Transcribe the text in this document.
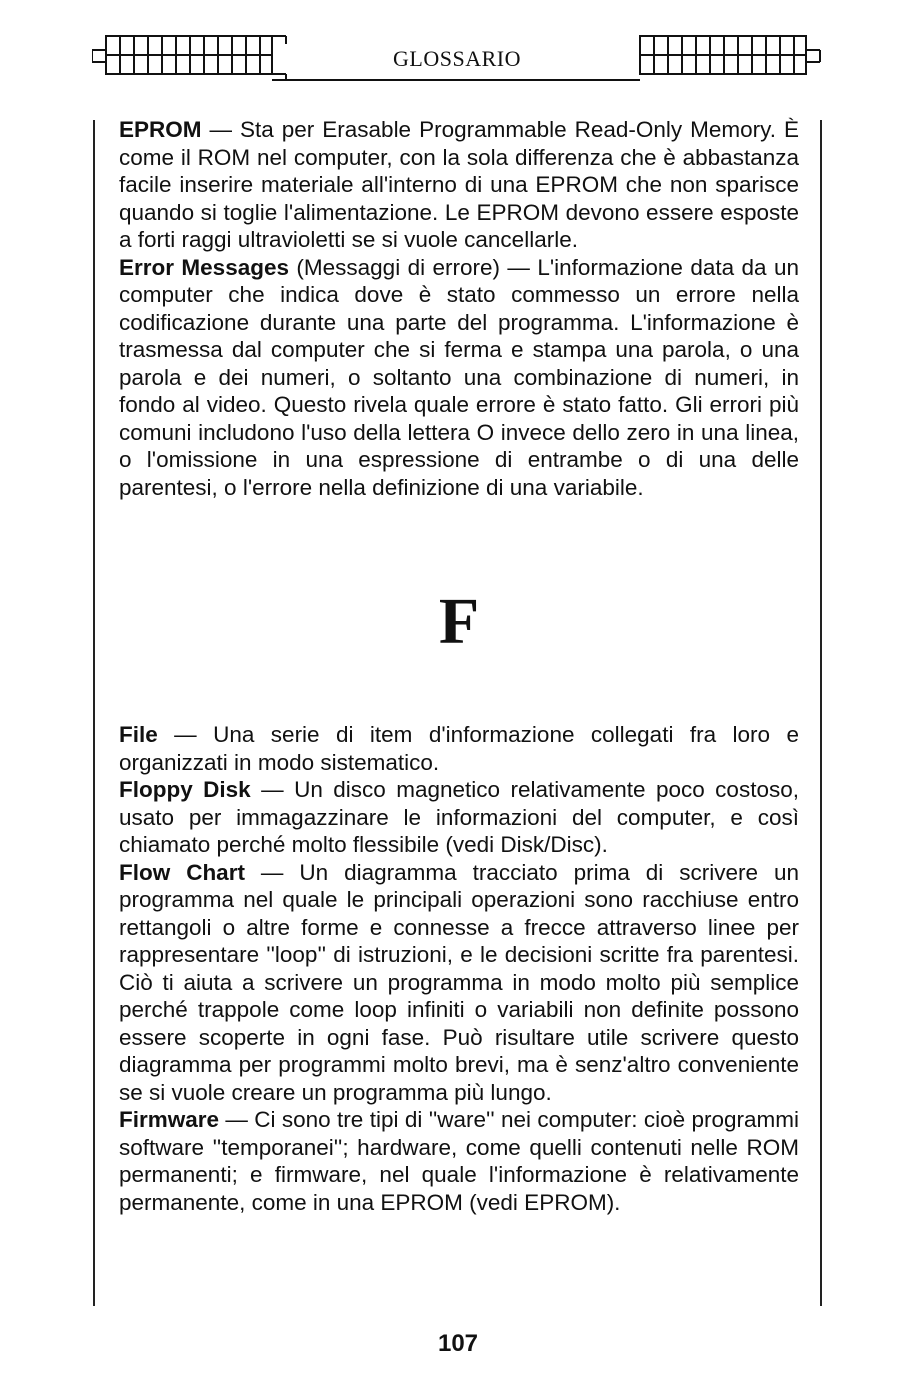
GLOSSARIO

EPROM — Sta per Erasable Programmable Read-Only Memory. È come il ROM nel computer, con la sola differenza che è abbastanza facile inserire materiale all'interno di una EPROM che non sparisce quando si toglie l'alimentazione. Le EPROM devono essere esposte a forti raggi ultravioletti se si vuole cancellarle.

Error Messages (Messaggi di errore) — L'informazione data da un computer che indica dove è stato commesso un errore nella codificazione durante una parte del programma. L'informazione è trasmessa dal computer che si ferma e stampa una parola, o una parola e dei numeri, o soltanto una combinazione di numeri, in fondo al video. Questo rivela quale errore è stato fatto. Gli errori più comuni includono l'uso della lettera O invece dello zero in una linea, o l'omissione in una espressione di entrambe o di una delle parentesi, o l'errore nella definizione di una variabile.

F

File — Una serie di item d'informazione collegati fra loro e organizzati in modo sistematico.

Floppy Disk — Un disco magnetico relativamente poco costoso, usato per immagazzinare le informazioni del computer, e così chiamato perché molto flessibile (vedi Disk/Disc).

Flow Chart — Un diagramma tracciato prima di scrivere un programma nel quale le principali operazioni sono racchiuse entro rettangoli o altre forme e connesse a frecce attraverso linee per rappresentare ''loop'' di istruzioni, e le decisioni scritte fra parentesi. Ciò ti aiuta a scrivere un programma in modo molto più semplice perché trappole come loop infiniti o variabili non definite possono essere scoperte in ogni fase. Può risultare utile scrivere questo diagramma per programmi molto brevi, ma è senz'altro conveniente se si vuole creare un programma più lungo.

Firmware — Ci sono tre tipi di ''ware'' nei computer: cioè programmi software ''temporanei''; hardware, come quelli contenuti nelle ROM permanenti; e firmware, nel quale l'informazione è relativamente permanente, come in una EPROM (vedi EPROM).

107
